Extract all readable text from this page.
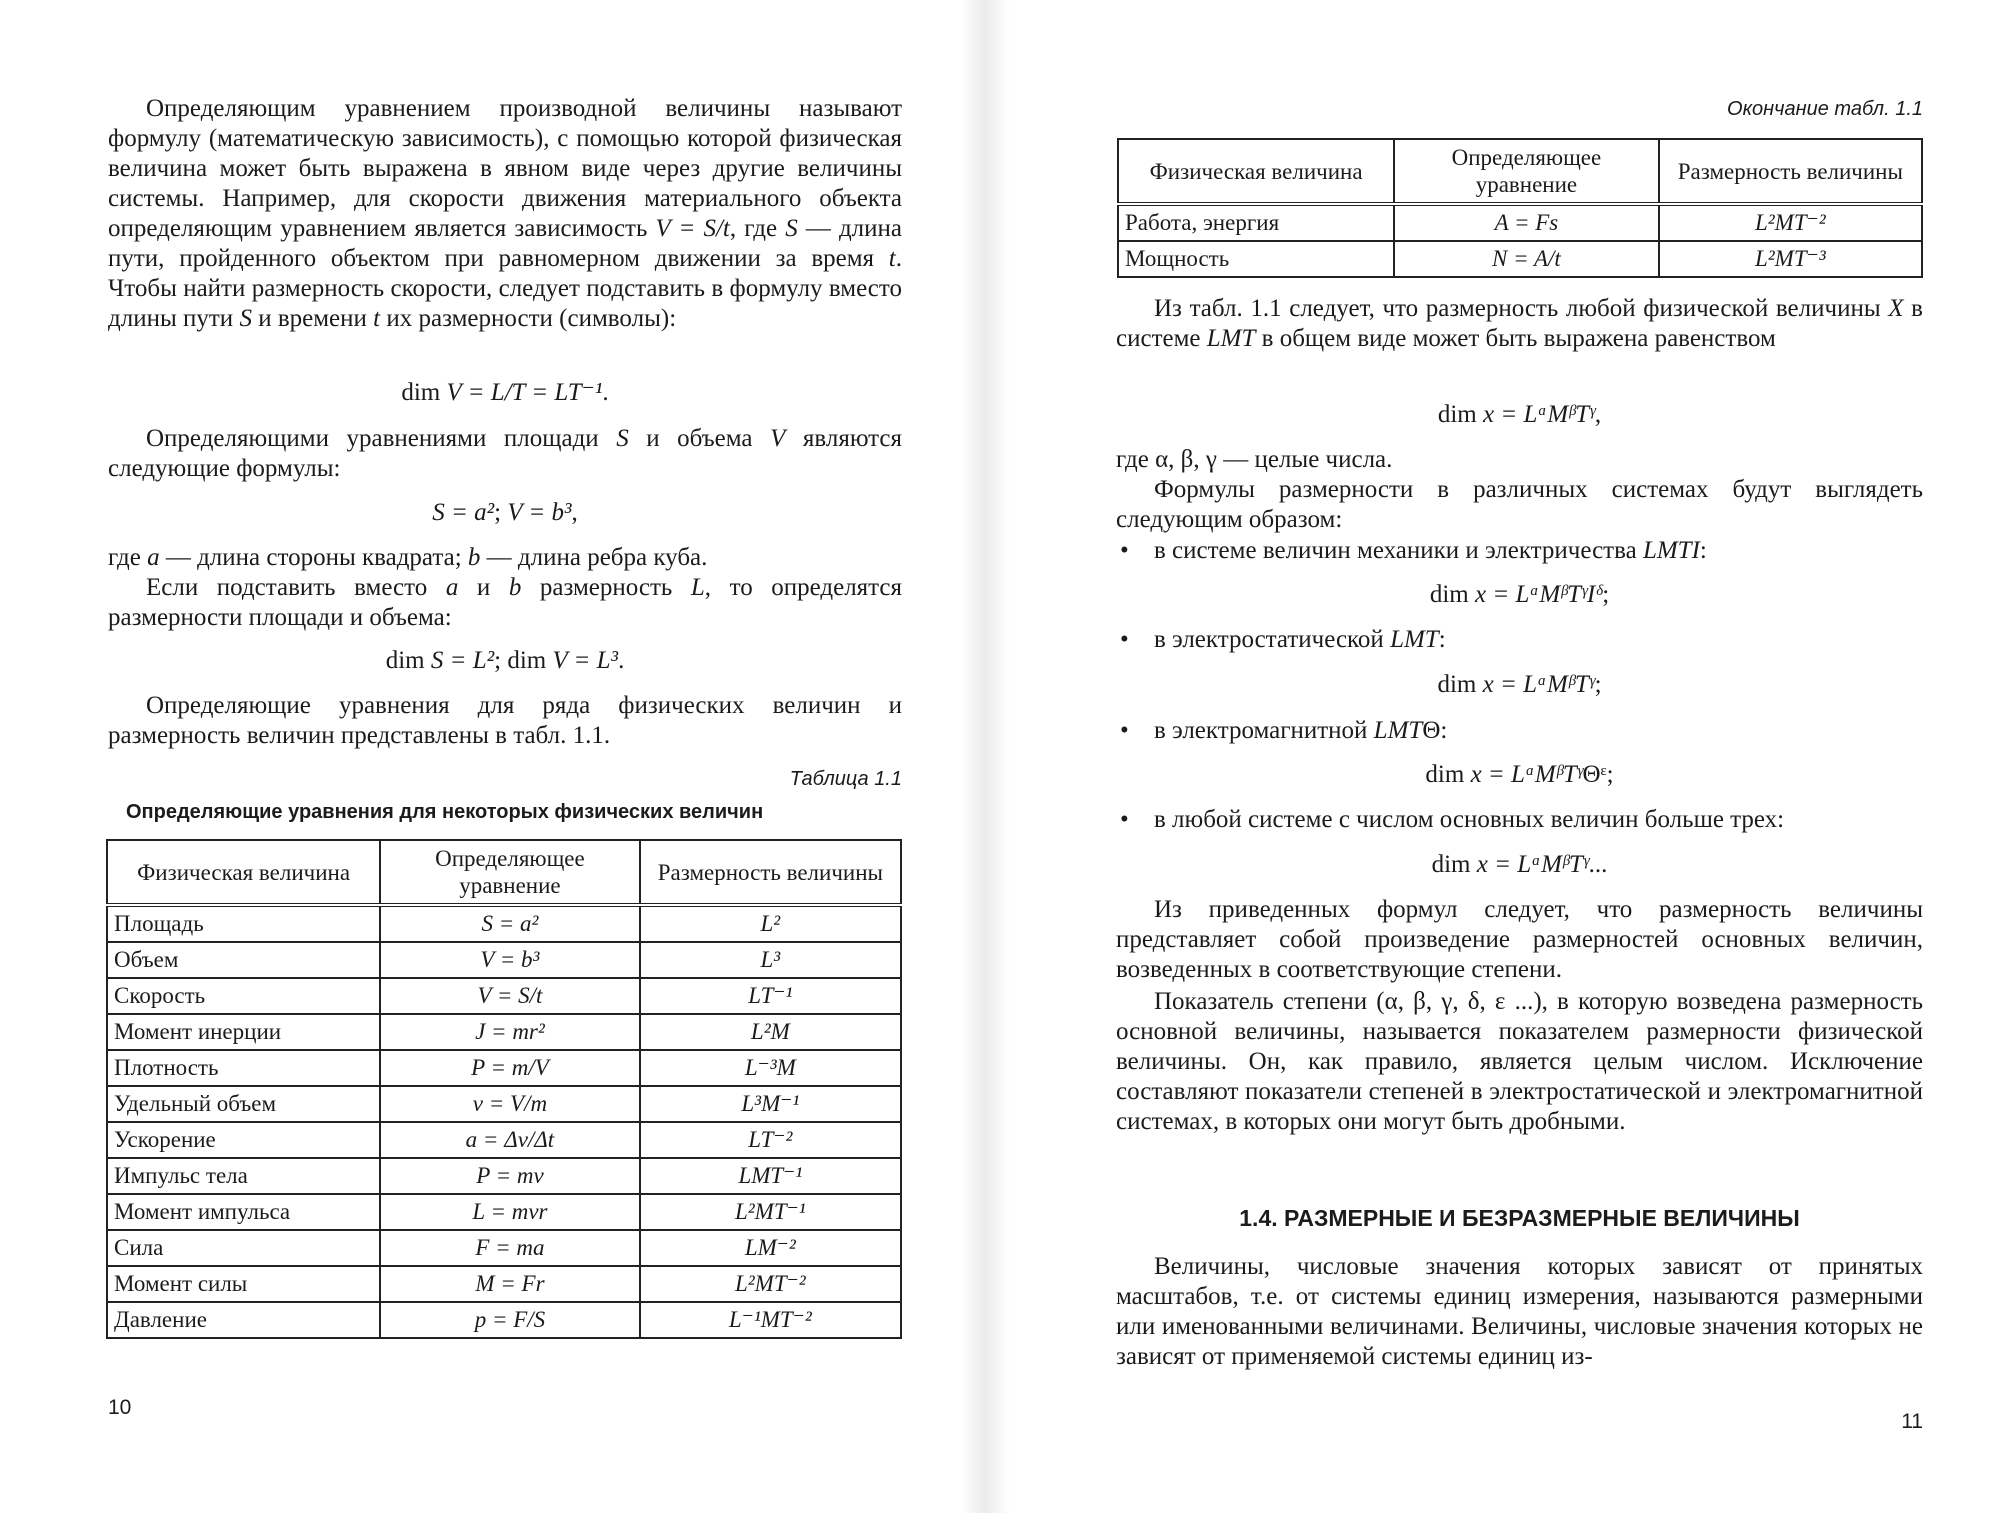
Определяющим уравнением производной величины называют формулу (математическую зависимость), с помощью которой физическая величина может быть выражена в явном виде через другие величины системы. Например, для скорости движения материального объекта определяющим уравнением является зависимость V = S/t, где S — длина пути, пройденного объектом при равномерном движении за время t. Чтобы найти размерность скорости, следует подставить в формулу вместо длины пути S и времени t их размерности (символы):
dim V = L/T = LT⁻¹.
Определяющими уравнениями площади S и объема V являются следующие формулы:
S = a²; V = b³,
где a — длина стороны квадрата; b — длина ребра куба.
Если подставить вместо a и b размерность L, то определятся размерности площади и объема:
dim S = L²; dim V = L³.
Определяющие уравнения для ряда физических величин и размерность величин представлены в табл. 1.1.
Таблица 1.1
Определяющие уравнения для некоторых физических величин
Физическая величина	Определяющее уравнение	Размерность величины
Площадь	S = a²	L²
Объем	V = b³	L³
Скорость	V = S/t	LT⁻¹
Момент инерции	J = mr²	L²M
Плотность	P = m/V	L⁻³M
Удельный объем	v = V/m	L³M⁻¹
Ускорение	a = Δv/Δt	LT⁻²
Импульс тела	P = mv	LMT⁻¹
Момент импульса	L = mvr	L²MT⁻¹
Сила	F = ma	LM⁻²
Момент силы	M = Fr	L²MT⁻²
Давление	p = F/S	L⁻¹MT⁻²
10
Окончание табл. 1.1
Физическая величина	Определяющее уравнение	Размерность величины
Работа, энергия	A = Fs	L²MT⁻²
Мощность	N = A/t	L²MT⁻³
Из табл. 1.1 следует, что размерность любой физической величины X в системе LMT в общем виде может быть выражена равенством
dim x = LᵅMᵝTᵞ,
где α, β, γ — целые числа.
Формулы размерности в различных системах будут выглядеть следующим образом:
• в системе величин механики и электричества LMTI:
dim x = LᵅMᵝTᵞIᵟ;
• в электростатической LMT:
dim x = LᵅMᵝTᵞ;
• в электромагнитной LMTΘ:
dim x = LᵅMᵝTᵞΘᵋ;
• в любой системе с числом основных величин больше трех:
dim x = LᵅMᵝTᵞ...
Из приведенных формул следует, что размерность величины представляет собой произведение размерностей основных величин, возведенных в соответствующие степени.
Показатель степени (α, β, γ, δ, ε ...), в которую возведена размерность основной величины, называется показателем размерности физической величины. Он, как правило, является целым числом. Исключение составляют показатели степеней в электростатической и электромагнитной системах, в которых они могут быть дробными.
1.4. РАЗМЕРНЫЕ И БЕЗРАЗМЕРНЫЕ ВЕЛИЧИНЫ
Величины, числовые значения которых зависят от принятых масштабов, т.е. от системы единиц измерения, называются размерными или именованными величинами. Величины, числовые значения которых не зависят от применяемой системы единиц из-
11
